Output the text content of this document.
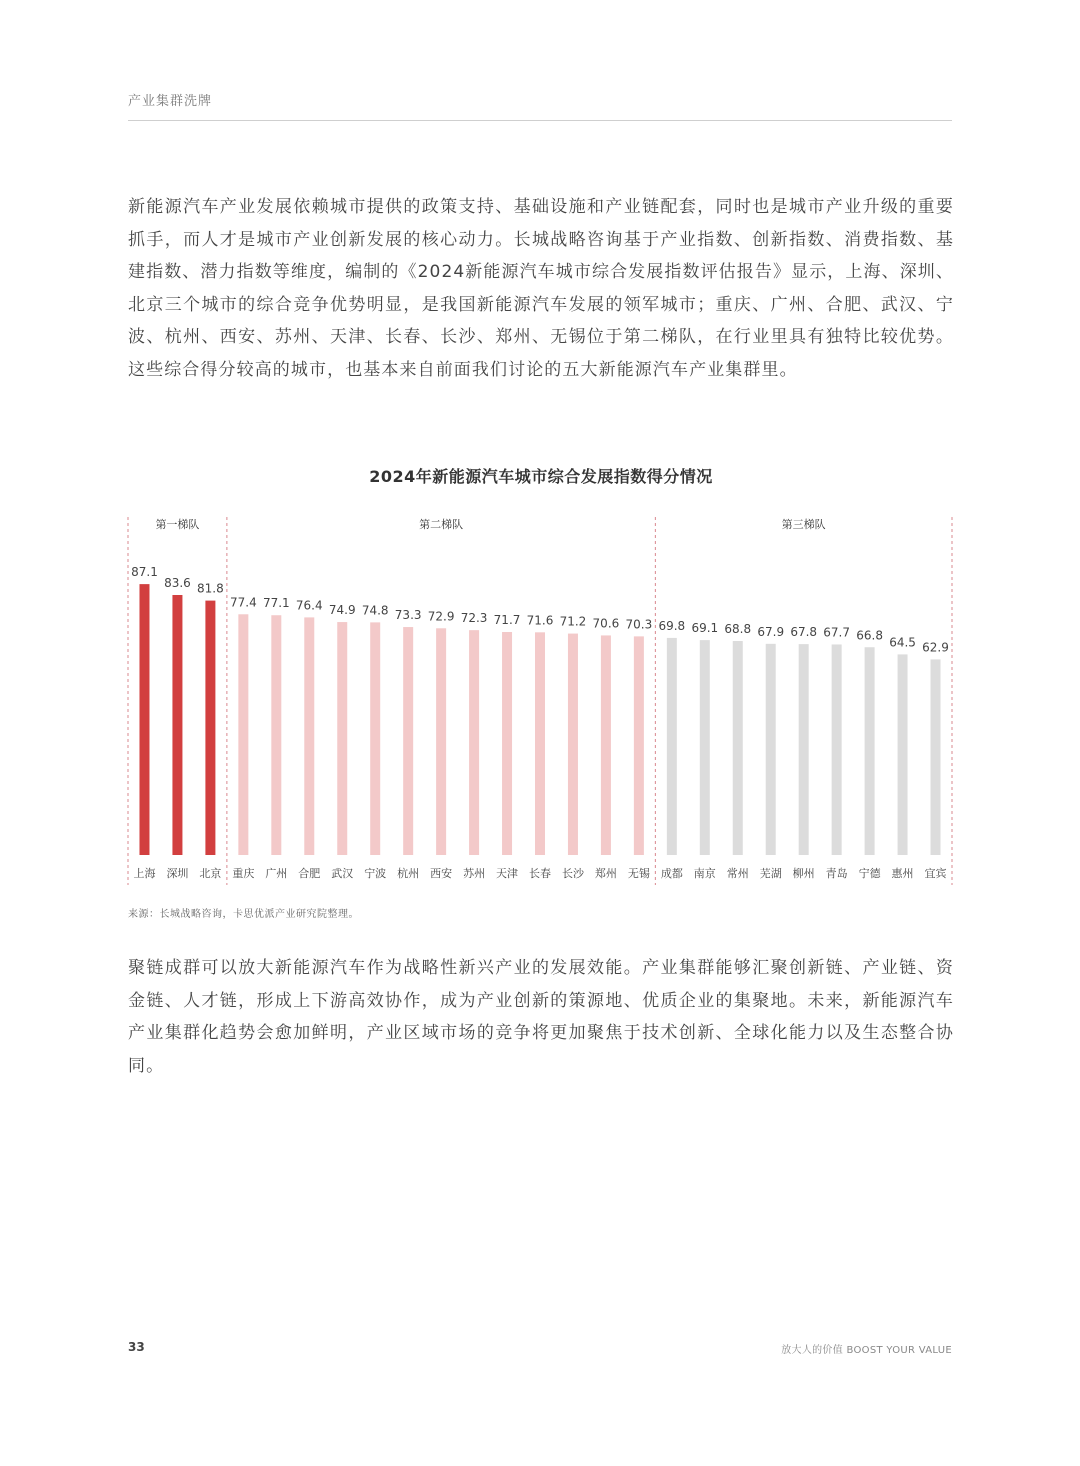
产业集群洗牌

新能源汽车产业发展依赖城市提供的政策支持、基础设施和产业链配套，同时也是城市产业升级的重要抓手，而人才是城市产业创新发展的核心动力。长城战略咨询基于产业指数、创新指数、消费指数、基建指数、潜力指数等维度，编制的《2024新能源汽车城市综合发展指数评估报告》显示，上海、深圳、北京三个城市的综合竞争优势明显，是我国新能源汽车发展的领军城市；重庆、广州、合肥、武汉、宁波、杭州、西安、苏州、天津、长春、长沙、郑州、无锡位于第二梯队，在行业里具有独特比较优势。这些综合得分较高的城市，也基本来自前面我们讨论的五大新能源汽车产业集群里。

2024年新能源汽车城市综合发展指数得分情况
第一梯队	第二梯队	第三梯队
87.1
83.6 81.8
77.4 77.1 76.4 74.9 74.8 73.3 72.9 72.3 71.7 71.6 71.2 70.6 70.3 69.8 69.1 68.8 67.9 67.8 67.7 66.8
64.5 62.9
上海 深圳 北京 重庆 广州 合肥 武汉 宁波 杭州 西安 苏州 天津 长春 长沙 郑州 无锡 成都 南京 常州 芜湖 柳州 青岛 宁德 惠州 宜宾
来源：长城战略咨询，卡思优派产业研究院整理。

聚链成群可以放大新能源汽车作为战略性新兴产业的发展效能。产业集群能够汇聚创新链、产业链、资金链、人才链，形成上下游高效协作，成为产业创新的策源地、优质企业的集聚地。未来，新能源汽车产业集群化趋势会愈加鲜明，产业区域市场的竞争将更加聚焦于技术创新、全球化能力以及生态整合协同。

33	放大人的价值 BOOST YOUR VALUE
